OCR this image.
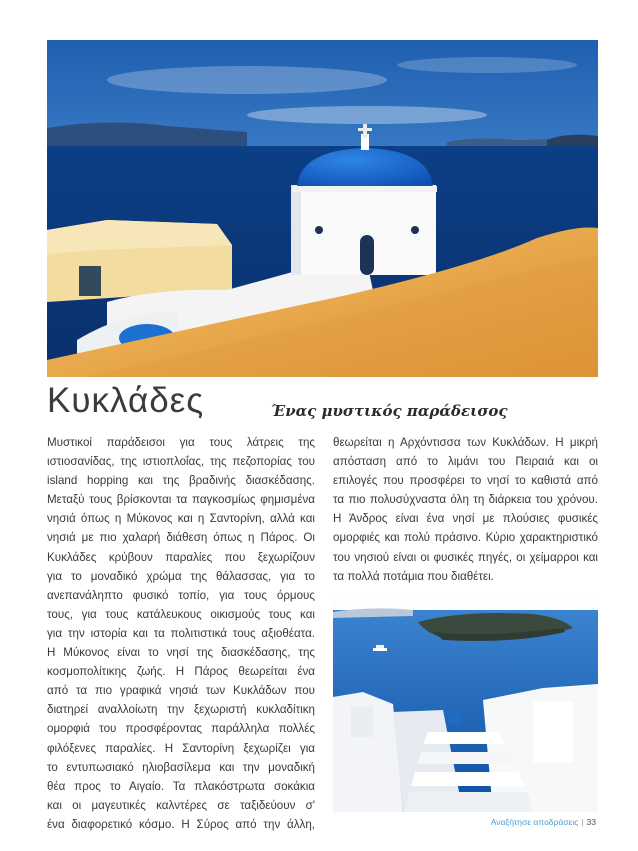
Κυκλάδες	Ένας μυστικός παράδεισος
Μυστικοί παράδεισοι για τους λάτρεις της
ιστιοσανίδας, της ιστιοπλοΐας, της πεζοπορίας του
island hopping και της βραδινής διασκέδασης.
Μεταξύ τους βρίσκονται τα παγκοσμίως φημισμένα
νησιά όπως η Μύκονος και η Σαντορίνη, αλλά και
νησιά με πιο χαλαρή διάθεση όπως η Πάρος. Οι
Κυκλάδες κρύβουν παραλίες που ξεχωρίζουν
για το μοναδικό χρώμα της θάλασσας, για το
ανεπανάληπτο φυσικό τοπίο, για τους όρμους
τους, για τους κατάλευκους οικισμούς τους και
για την ιστορία και τα πολιτιστικά τους αξιοθέατα.
Η Μύκονος είναι το νησί της διασκέδασης, της
κοσμοπολίτικης ζωής. Η Πάρος θεωρείται ένα
από τα πιο γραφικά νησιά των Κυκλάδων που
διατηρεί αναλλοίωτη την ξεχωριστή κυκλαδίτικη
ομορφιά του προσφέροντας παράλληλα πολλές
φιλόξενες παραλίες. Η Σαντορίνη ξεχωρίζει για
το εντυπωσιακό ηλιοβασίλεμα και την μοναδική
θέα προς το Αιγαίο. Τα πλακόστρωτα σοκάκια
και οι μαγευτικές καλντέρες σε ταξιδεύουν σ'
ένα διαφορετικό κόσμο. Η Σύρος από την άλλη,
θεωρείται η Αρχόντισσα των Κυκλάδων. Η μικρή
απόσταση από το λιμάνι του Πειραιά και οι
επιλογές που προσφέρει το νησί το καθιστά από
τα πιο πολυσύχναστα όλη τη διάρκεια του χρόνου.
Η Άνδρος είναι ένα νησί με πλούσιες φυσικές
ομορφιές και πολύ πράσινο. Κύριο χαρακτηριστικό
του νησιού είναι οι φυσικές πηγές, οι χείμαρροι και
τα πολλά ποτάμια που διαθέτει.
Αναξήτησε αποδράσεις | 33
